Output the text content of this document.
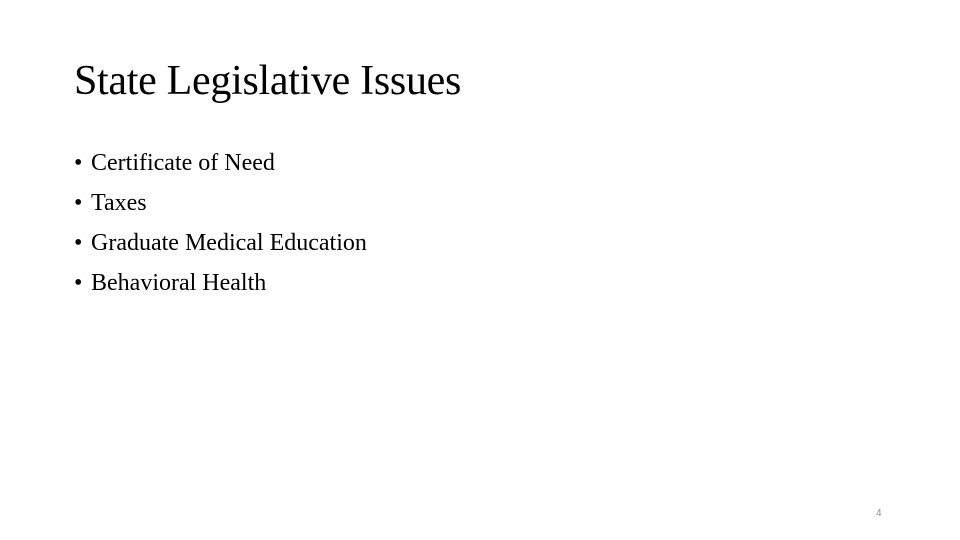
State Legislative Issues
• Certificate of Need
• Taxes
• Graduate Medical Education
• Behavioral Health
4
